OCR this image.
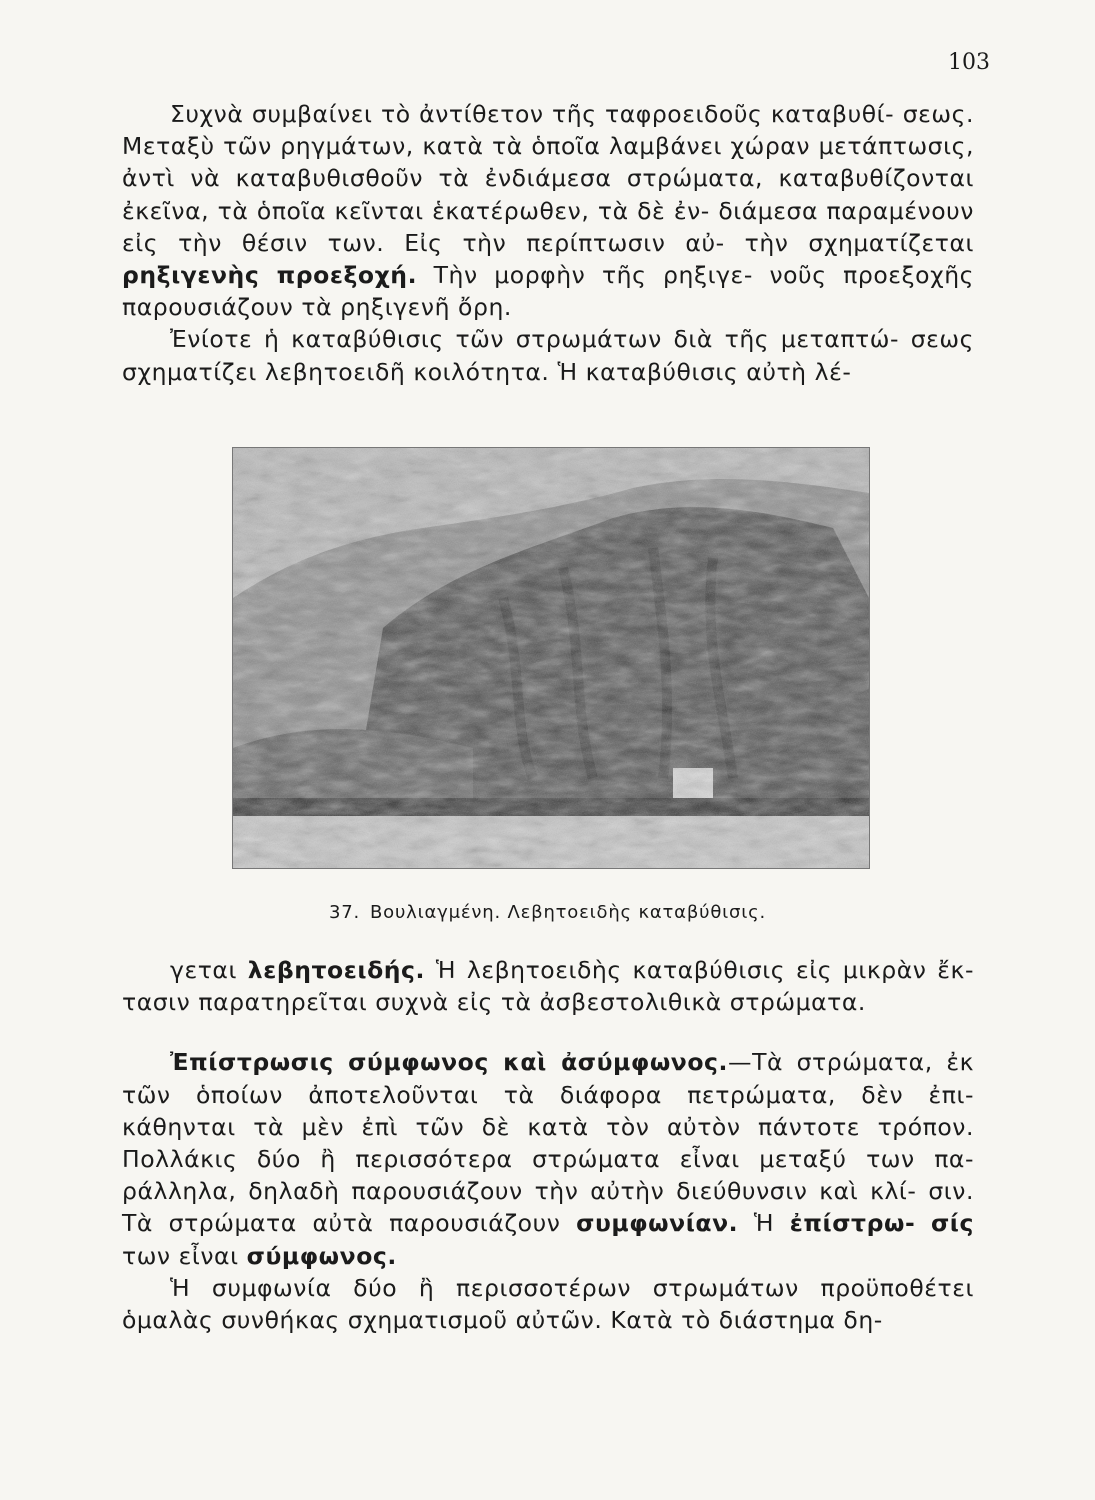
103

Συχνὰ συμβαίνει τὸ ἀντίθετον τῆς ταφροειδοῦς καταβυθί- σεως. Μεταξὺ τῶν ρηγμάτων, κατὰ τὰ ὁποῖα λαμβάνει χώραν μετάπτωσις, ἀντὶ νὰ καταβυθισθοῦν τὰ ἐνδιάμεσα στρώματα, καταβυθίζονται ἐκεῖνα, τὰ ὁποῖα κεῖνται ἑκατέρωθεν, τὰ δὲ ἐν- διάμεσα παραμένουν εἰς τὴν θέσιν των. Εἰς τὴν περίπτωσιν αὐ- τὴν σχηματίζεται ρηξιγενὴς προεξοχή. Τὴν μορφὴν τῆς ρηξιγε- νοῦς προεξοχῆς παρουσιάζουν τὰ ρηξιγενῆ ὄρη.

Ἐνίοτε ἡ καταβύθισις τῶν στρωμάτων διὰ τῆς μεταπτώ- σεως σχηματίζει λεβητοειδῆ κοιλότητα. Ἡ καταβύθισις αὐτὴ λέ-

37. Βουλιαγμένη. Λεβητοειδὴς καταβύθισις.

γεται λεβητοειδής. Ἡ λεβητοειδὴς καταβύθισις εἰς μικρὰν ἔκ- τασιν παρατηρεῖται συχνὰ εἰς τὰ ἀσβεστολιθικὰ στρώματα.

Ἐπίστρωσις σύμφωνος καὶ ἀσύμφωνος.—Τὰ στρώματα, ἐκ τῶν ὁποίων ἀποτελοῦνται τὰ διάφορα πετρώματα, δὲν ἐπι- κάθηνται τὰ μὲν ἐπὶ τῶν δὲ κατὰ τὸν αὐτὸν πάντοτε τρόπον. Πολλάκις δύο ἢ περισσότερα στρώματα εἶναι μεταξύ των πα- ράλληλα, δηλαδὴ παρουσιάζουν τὴν αὐτὴν διεύθυνσιν καὶ κλί- σιν. Τὰ στρώματα αὐτὰ παρουσιάζουν συμφωνίαν. Ἡ ἐπίστρω- σίς των εἶναι σύμφωνος.

Ἡ συμφωνία δύο ἢ περισσοτέρων στρωμάτων προϋποθέτει ὁμαλὰς συνθήκας σχηματισμοῦ αὐτῶν. Κατὰ τὸ διάστημα δη-
